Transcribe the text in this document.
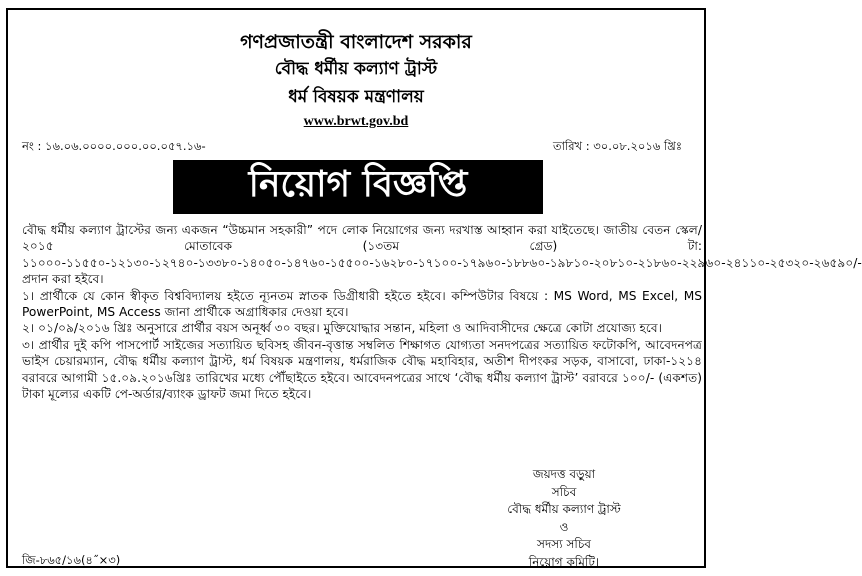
গণপ্রজাতন্ত্রী বাংলাদেশ সরকার
বৌদ্ধ ধর্মীয় কল্যাণ ট্রাস্ট
ধর্ম বিষয়ক মন্ত্রণালয়
www.brwt.gov.bd
নং : ১৬.০৬.০০০০.০০০.০০.০৫৭.১৬-	তারিখ : ৩০.০৮.২০১৬ খ্রিঃ
নিয়োগ বিজ্ঞপ্তি

বৌদ্ধ ধর্মীয় কল্যাণ ট্রাস্টের জন্য একজন “উচ্চমান সহকারী” পদে লোক নিয়োগের জন্য দরখাস্ত আহ্বান করা যাইতেছে। জাতীয় বেতন স্কেল/২০১৫ মোতাবেক (১৩তম গ্রেড) টা: ১১০০০-১১৫৫০-১২১৩০-১২৭৪০-১৩৩৮০-১৪০৫০-১৪৭৬০-১৫৫০০-১৬২৮০-১৭১০০-১৭৯৬০-১৮৮৬০-১৯৮১০-২০৮১০-২১৮৬০-২২৯৬০-২৪১১০-২৫৩২০-২৬৫৯০/- প্রদান করা হইবে।

১। প্রার্থীকে যে কোন স্বীকৃত বিশ্ববিদ্যালয় হইতে ন্যূনতম স্নাতক ডিগ্রীধারী হইতে হইবে। কম্পিউটার বিষয়ে : MS Word, MS Excel, MS PowerPoint, MS Access জানা প্রার্থীকে অগ্রাধিকার দেওয়া হবে।

২। ০১/০৯/২০১৬ খ্রিঃ অনুসারে প্রার্থীর বয়স অনূর্ধ্ব ৩০ বছর। মুক্তিযোদ্ধার সন্তান, মহিলা ও আদিবাসীদের ক্ষেত্রে কোটা প্রযোজ্য হবে।

৩। প্রার্থীর দুই কপি পাসপোর্ট সাইজের সত্যায়িত ছবিসহ জীবন-বৃত্তান্ত সম্বলিত শিক্ষাগত যোগ্যতা সনদপত্রের সত্যায়িত ফটোকপি, আবেদনপত্র ভাইস চেয়ারম্যান, বৌদ্ধ ধর্মীয় কল্যাণ ট্রাস্ট, ধর্ম বিষয়ক মন্ত্রণালয়, ধর্মরাজিক বৌদ্ধ মহাবিহার, অতীশ দীপংকর সড়ক, বাসাবো, ঢাকা-১২১৪ বরাবরে আগামী ১৫.০৯.২০১৬খ্রিঃ তারিখের মধ্যে পৌঁছাইতে হইবে। আবেদনপত্রের সাথে ‘বৌদ্ধ ধর্মীয় কল্যাণ ট্রাস্ট’ বরাবরে ১০০/- (একশত) টাকা মূল্যের একটি পে-অর্ডার/ব্যাংক ড্রাফট জমা দিতে হইবে।

জয়দত্ত বড়ুয়া
সচিব
বৌদ্ধ ধর্মীয় কল্যাণ ট্রাস্ট
ও
সদস্য সচিব
নিয়োগ কমিটি।
জি-৮৬৫/১৬(৪˝×৩)
